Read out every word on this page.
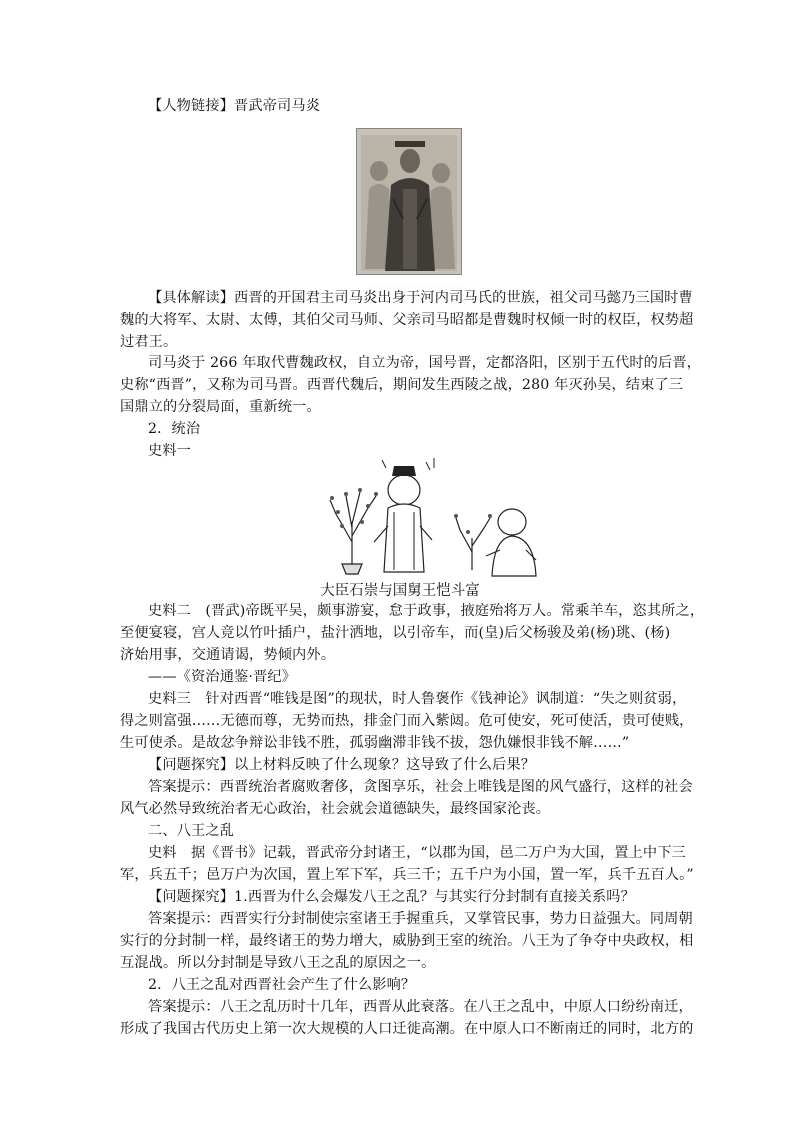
【人物链接】晋武帝司马炎
【具体解读】西晋的开国君主司马炎出身于河内司马氏的世族，祖父司马懿乃三国时曹
魏的大将军、太尉、太傅，其伯父司马师、父亲司马昭都是曹魏时权倾一时的权臣，权势超
过君王。
司马炎于 266 年取代曹魏政权，自立为帝，国号晋，定都洛阳，区别于五代时的后晋，
史称“西晋”，又称为司马晋。西晋代魏后，期间发生西陵之战，280 年灭孙吴，结束了三
国鼎立的分裂局面，重新统一。
2．统治
史料一
大臣石崇与国舅王恺斗富
史料二　(晋武)帝既平吴，颇事游宴，怠于政事，掖庭殆将万人。常乘羊车，恣其所之，
至便宴寝，宫人竞以竹叶插户，盐汁洒地，以引帝车，而(皇)后父杨骏及弟(杨)珧、(杨)
济始用事，交通请谒，势倾内外。
——《资治通鉴·晋纪》
史料三　针对西晋“唯钱是图”的现状，时人鲁褒作《钱神论》讽制道：“失之则贫弱，
得之则富强……无德而尊，无势而热，排金门而入紫闼。危可使安，死可使活，贵可使贱，
生可使杀。是故忿争辩讼非钱不胜，孤弱幽滞非钱不拔，怨仇嫌恨非钱不解……”
【问题探究】以上材料反映了什么现象？这导致了什么后果？
答案提示：西晋统治者腐败奢侈，贪图享乐，社会上唯钱是图的风气盛行，这样的社会
风气必然导致统治者无心政治，社会就会道德缺失，最终国家沦丧。
二、八王之乱
史料　据《晋书》记载，晋武帝分封诸王，“以郡为国，邑二万户为大国，置上中下三
军，兵五千；邑万户为次国，置上军下军，兵三千；五千户为小国，置一军，兵千五百人。”
【问题探究】1.西晋为什么会爆发八王之乱？与其实行分封制有直接关系吗？
答案提示：西晋实行分封制使宗室诸王手握重兵，又掌管民事，势力日益强大。同周朝
实行的分封制一样，最终诸王的势力增大，威胁到王室的统治。八王为了争夺中央政权，相
互混战。所以分封制是导致八王之乱的原因之一。
2．八王之乱对西晋社会产生了什么影响？
答案提示：八王之乱历时十几年，西晋从此衰落。在八王之乱中，中原人口纷纷南迁，
形成了我国古代历史上第一次大规模的人口迁徙高潮。在中原人口不断南迁的同时，北方的
